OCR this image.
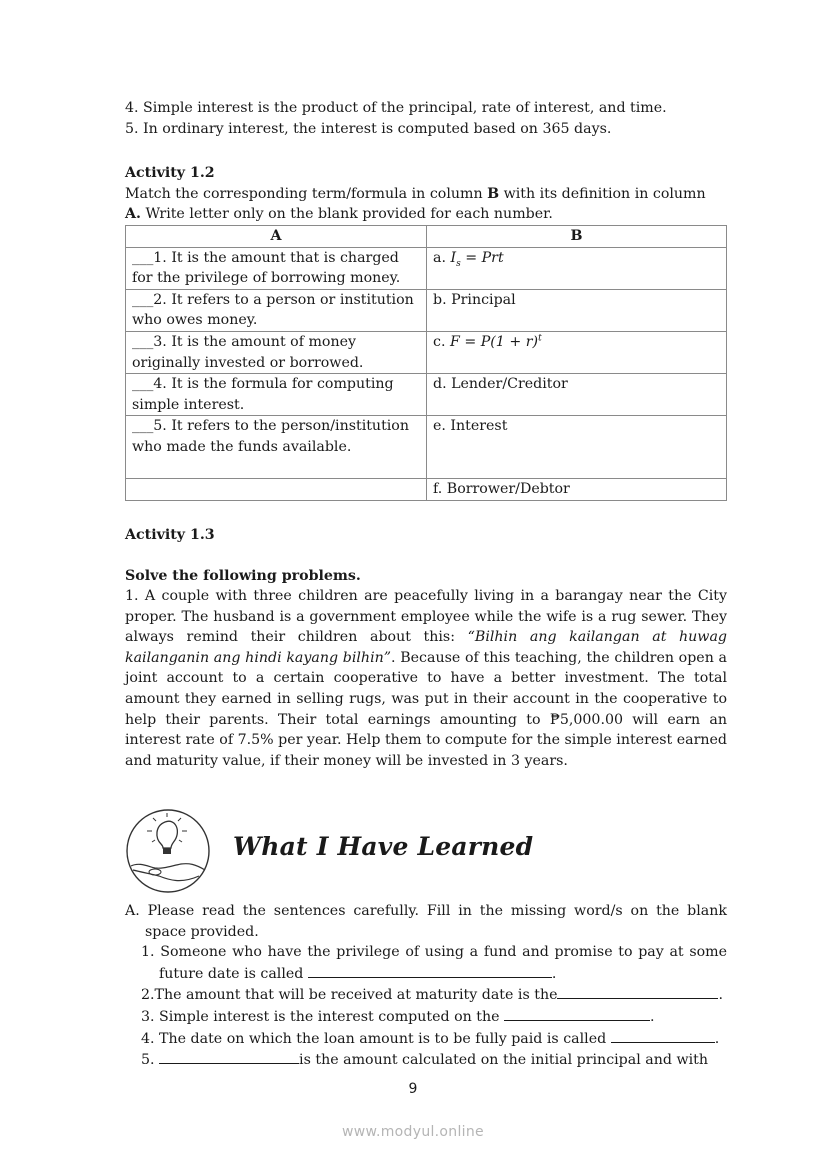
4. Simple interest is the product of the principal, rate of interest, and time.
5. In ordinary interest, the interest is computed based on 365 days.
Activity 1.2
Match the corresponding term/formula in column B with its definition in column
A. Write letter only on the blank provided for each number.
A	B
___1. It is the amount that is charged for the privilege of borrowing money.	a. $I_s$ = Prt
___2. It refers to a person or institution who owes money.	b. Principal
___3. It is the amount of money originally invested or borrowed.	c. $F = P(1 + r)^t$
___4. It is the formula for computing simple interest.	d. Lender/Creditor
___5. It refers to the person/institution who made the funds available.	e. Interest
	f. Borrower/Debtor
Activity 1.3
Solve the following problems.
1. A couple with three children are peacefully living in a barangay near the City proper. The husband is a government employee while the wife is a rug sewer. They always remind their children about this: “Bilhin ang kailangan at huwag kailanganin ang hindi kayang bilhin”. Because of this teaching, the children open a joint account to a certain cooperative to have a better investment. The total amount they earned in selling rugs, was put in their account in the cooperative to help their parents. Their total earnings amounting to ₱5,000.00 will earn an interest rate of 7.5% per year. Help them to compute for the simple interest earned and maturity value, if their money will be invested in 3 years.
What I Have Learned
A. Please read the sentences carefully. Fill in the missing word/s on the blank space provided.
1. Someone who have the privilege of using a fund and promise to pay at some future date is called	.
2.The amount that will be received at maturity date is the	.
3. Simple interest is the interest computed on the	.
4. The date on which the loan amount is to be fully paid is called	.
5.	is the amount calculated on the initial principal and with
9
www.modyul.online
